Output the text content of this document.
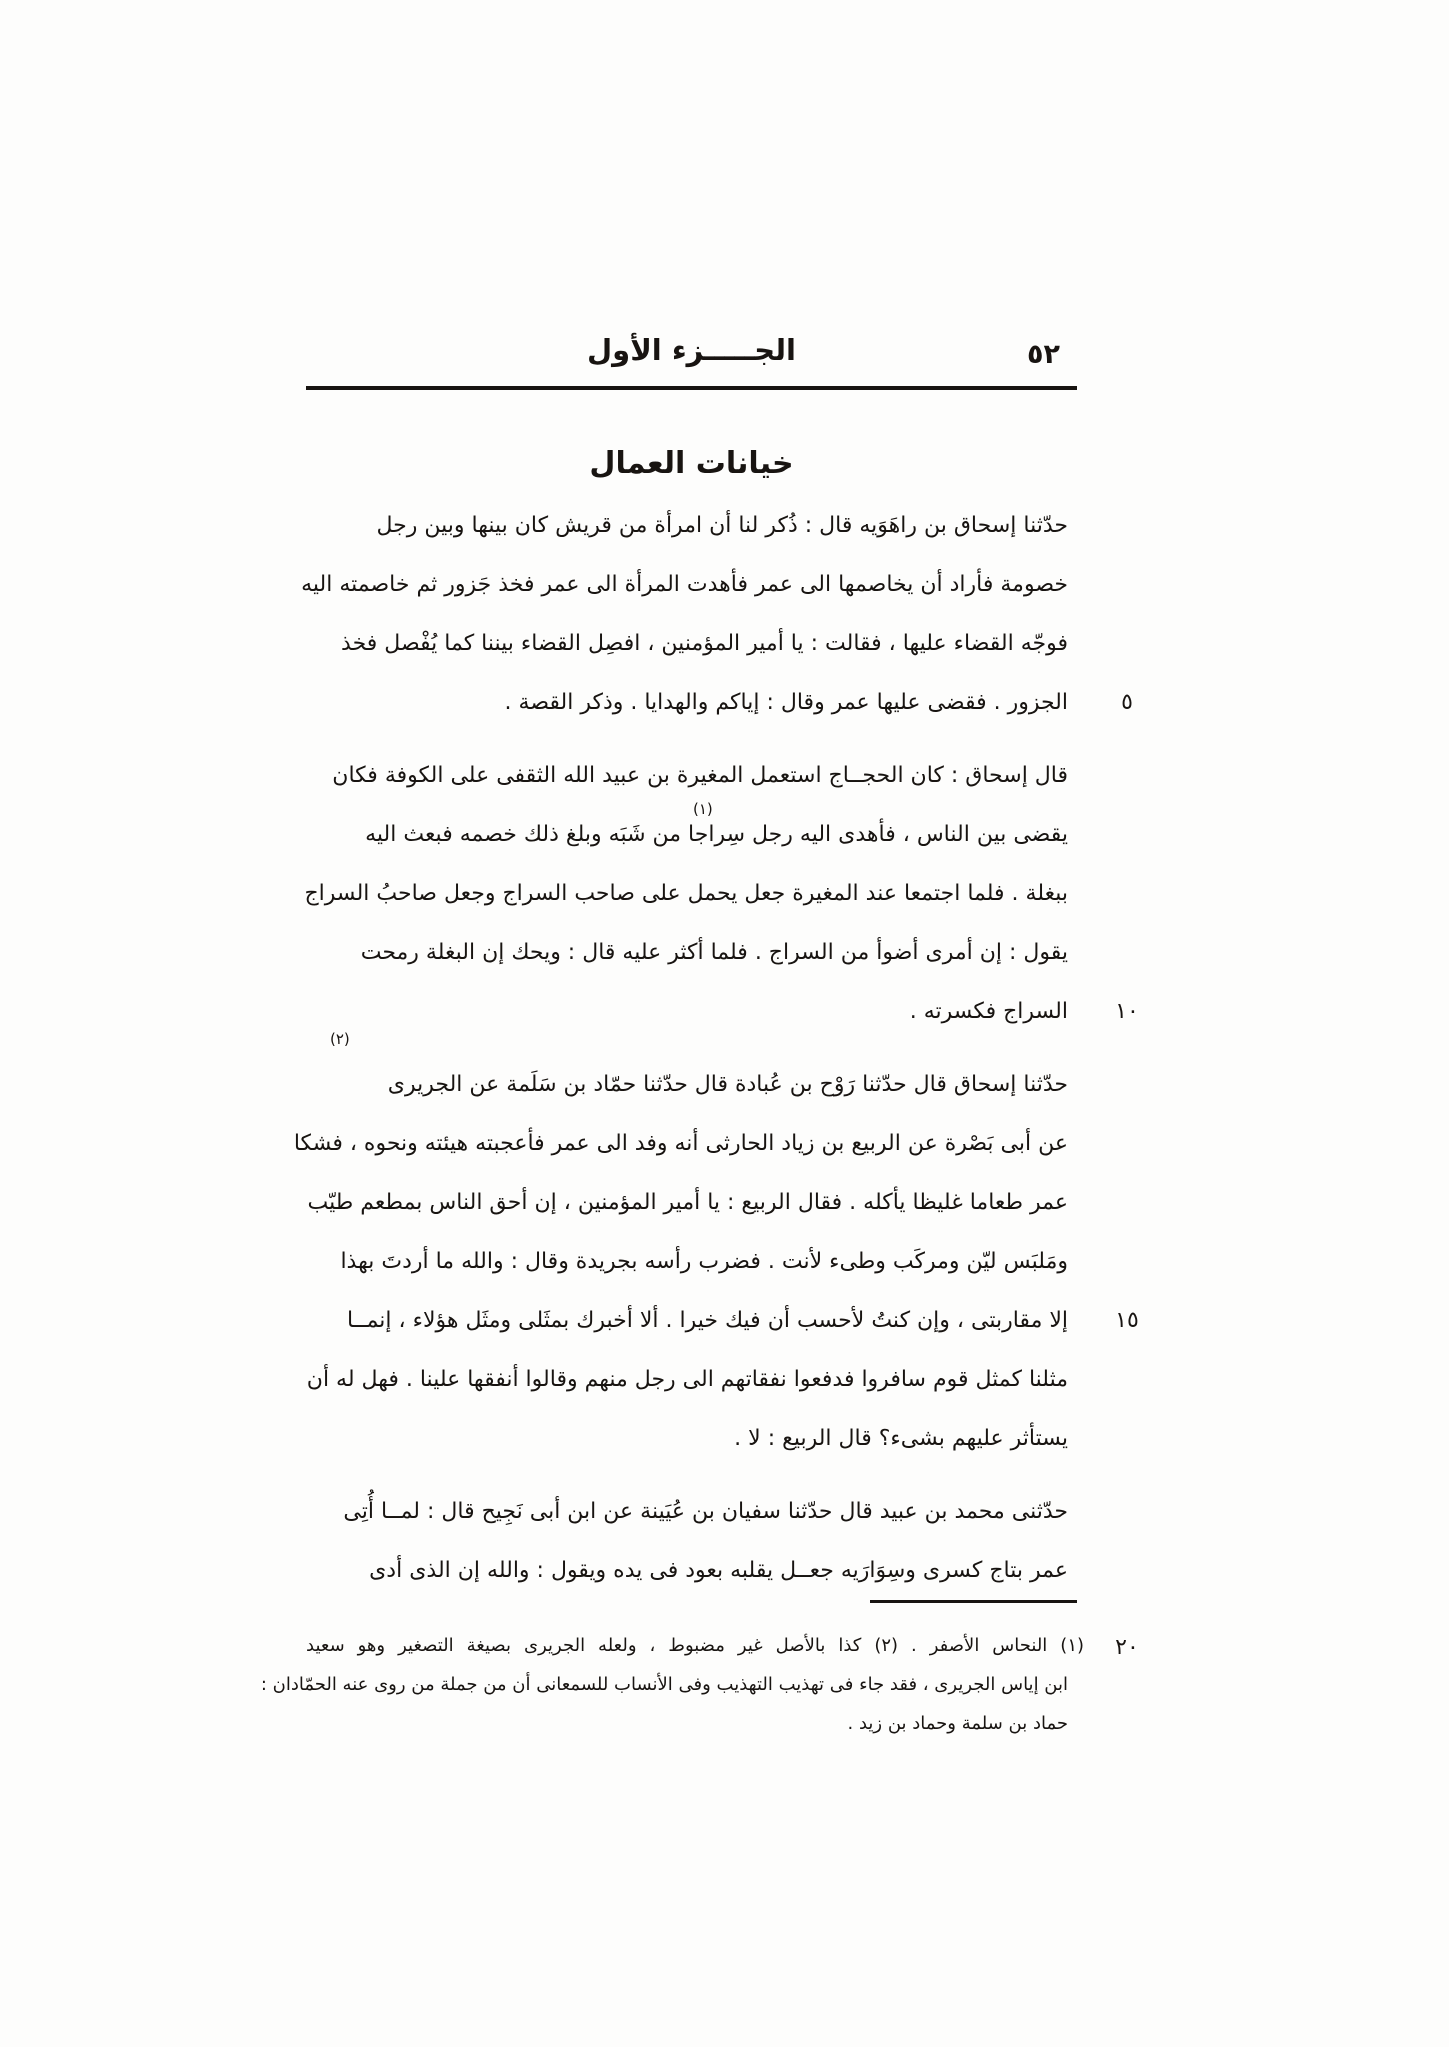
الجـــــزء الأول	٥٢
خيانات العمال

حدّثنا إسحاق بن راهَوَيه قال : ذُكر لنا أن امرأة من قريش كان بينها وبين رجل خصومة فأراد أن يخاصمها الى عمر فأهدت المرأة الى عمر فخذ جَزور ثم خاصمته اليه فوجّه القضاء عليها ، فقالت : يا أمير المؤمنين ، افصِل القضاء بيننا كما يُفْصل فخذ الجزور . فقضى عليها عمر وقال : إياكم والهدايا . وذكر القصة .

قال إسحاق : كان الحجــاج استعمل المغيرة بن عبيد الله الثقفى على الكوفة فكان يقضى بين الناس ، فأهدى اليه رجل سِراجا من شَبَه وبلغ ذلك خصمه فبعث اليه ببغلة . فلما اجتمعا عند المغيرة جعل يحمل على صاحب السراج وجعل صاحبُ السراج يقول : إن أمرى أضوأ من السراج . فلما أكثر عليه قال : ويحك إن البغلة رمحت السراج فكسرته .

حدّثنا إسحاق قال حدّثنا رَوْح بن عُبادة قال حدّثنا حمّاد بن سَلَمة عن الجريرى عن أبى بَصْرة عن الربيع بن زياد الحارثى أنه وفد الى عمر فأعجبته هيئته ونحوه ، فشكا عمر طعاما غليظا يأكله . فقال الربيع : يا أمير المؤمنين ، إن أحق الناس بمطعم طيّب ومَلبَس ليّن ومركَب وطىء لأنت . فضرب رأسه بجريدة وقال : والله ما أردتَ بهذا إلا مقاربتى ، وإن كنتُ لأحسب أن فيك خيرا . ألا أخبرك بمثَلى ومثَل هؤلاء ، إنمــا مثلنا كمثل قوم سافروا فدفعوا نفقاتهم الى رجل منهم وقالوا أنفقها علينا . فهل له أن يستأثر عليهم بشىء؟ قال الربيع : لا .

حدّثنى محمد بن عبيد قال حدّثنا سفيان بن عُيَينة عن ابن أبى نَجِيح قال : لمــا أُتِى عمر بتاج كسرى وسِوَارَيه جعــل يقلبه بعود فى يده ويقول : والله إن الذى أدى

٥
١٠
١٥
٢٠
(١)
(٢)
(١) النحاس الأصفر . (٢) كذا بالأصل غير مضبوط ، ولعله الجريرى بصيغة التصغير وهو سعيد
ابن إياس الجريرى ، فقد جاء فى تهذيب التهذيب وفى الأنساب للسمعانى أن من جملة من روى عنه الحمّادان :
حماد بن سلمة وحماد بن زيد .
